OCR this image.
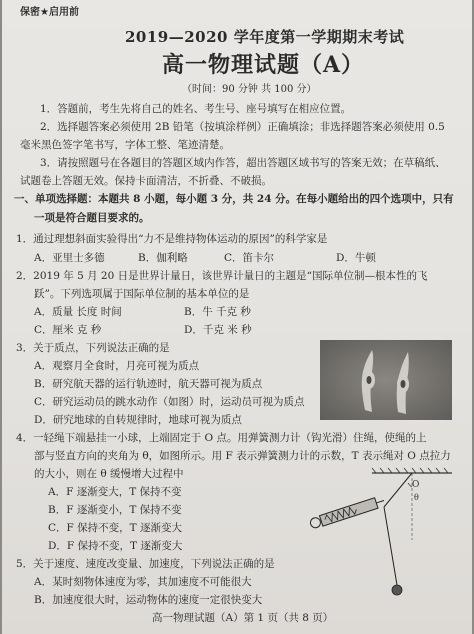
保密★启用前
2019—2020 学年度第一学期期末考试
高一物理试题（A）
（时间：90 分钟 共 100 分）
1．答题前，考生先将自己的姓名、考生号、座号填写在相应位置。
2．选择题答案必须使用 2B 铅笔（按填涂样例）正确填涂；非选择题答案必须使用 0.5
毫米黑色签字笔书写，字体工整、笔迹清楚。
3．请按照题号在各题目的答题区域内作答，超出答题区域书写的答案无效；在草稿纸、
试题卷上答题无效。保持卡面清洁，不折叠、不破损。
一、单项选择题：本题共 8 小题，每小题 3 分，共 24 分。在每小题给出的四个选项中，只有
一项是符合题目要求的。
1．通过理想斜面实验得出“力不是维持物体运动的原因”的科学家是
A．亚里士多德	B．伽利略	C．笛卡尔	D．牛顿
2．2019 年 5 月 20 日是世界计量日，该世界计量日的主题是“国际单位制—根本性的飞
跃”。下列选项属于国际单位制的基本单位的是
A．质量 长度 时间	B．牛 千克 秒
C．厘米 克 秒	D．千克 米 秒
3．关于质点，下列说法正确的是
A．观察月全食时，月亮可视为质点
B．研究航天器的运行轨迹时，航天器可视为质点
C．研究运动员的跳水动作（如图）时，运动员可视为质点
D．研究地球的自转规律时，地球可视为质点
4．一轻绳下端悬挂一小球，上端固定于 O 点。用弹簧测力计（钩光滑）住绳，使绳的上
部与竖直方向的夹角为 θ，如图所示。用 F 表示弹簧测力计的示数，T 表示绳对 O 点拉力
的大小，则在 θ 缓慢增大过程中
A．F 逐渐变大，T 保持不变
B．F 逐渐变小，T 保持不变
C．F 保持不变，T 逐渐变大
D．F 保持不变，T 逐渐变大
O
θ
5．关于速度、速度改变量、加速度，下列说法正确的是
A．某时刻物体速度为零，其加速度不可能很大
B．加速度很大时，运动物体的速度一定很快变大
高一物理试题（A）第 1 页（共 8 页）
